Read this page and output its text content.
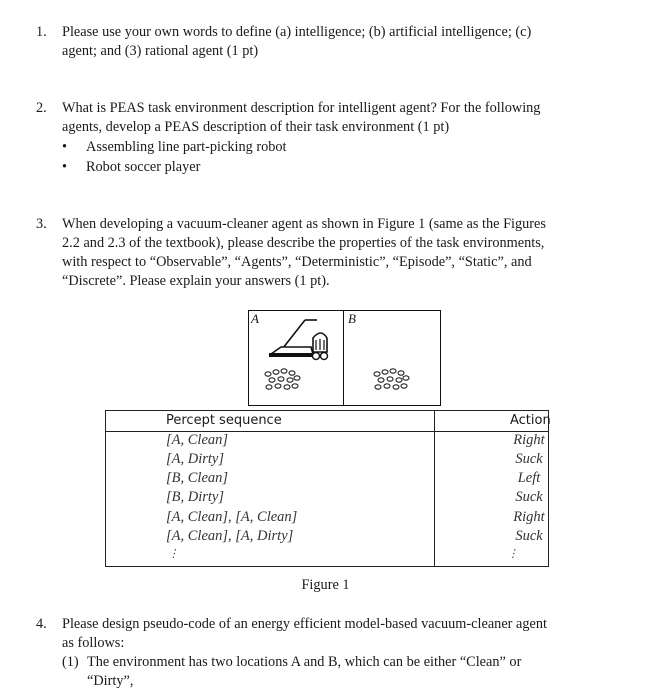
1. Please use your own words to define (a) intelligence; (b) artificial intelligence; (c)
agent; and (3) rational agent (1 pt)
2. What is PEAS task environment description for intelligent agent? For the following
agents, develop a PEAS description of their task environment (1 pt)
• Assembling line part-picking robot
• Robot soccer player
3. When developing a vacuum-cleaner agent as shown in Figure 1 (same as the Figures
2.2 and 2.3 of the textbook), please describe the properties of the task environments,
with respect to “Observable”, “Agents”, “Deterministic”, “Episode”, “Static”, and
“Discrete”. Please explain your answers (1 pt).
A	B
Percept sequence	Action
[A, Clean]	Right
[A, Dirty]	Suck
[B, Clean]	Left
[B, Dirty]	Suck
[A, Clean], [A, Clean]	Right
[A, Clean], [A, Dirty]	Suck
⋮	⋮
Figure 1
4. Please design pseudo-code of an energy efficient model-based vacuum-cleaner agent
as follows:
(1) The environment has two locations A and B, which can be either “Clean” or
“Dirty”,
